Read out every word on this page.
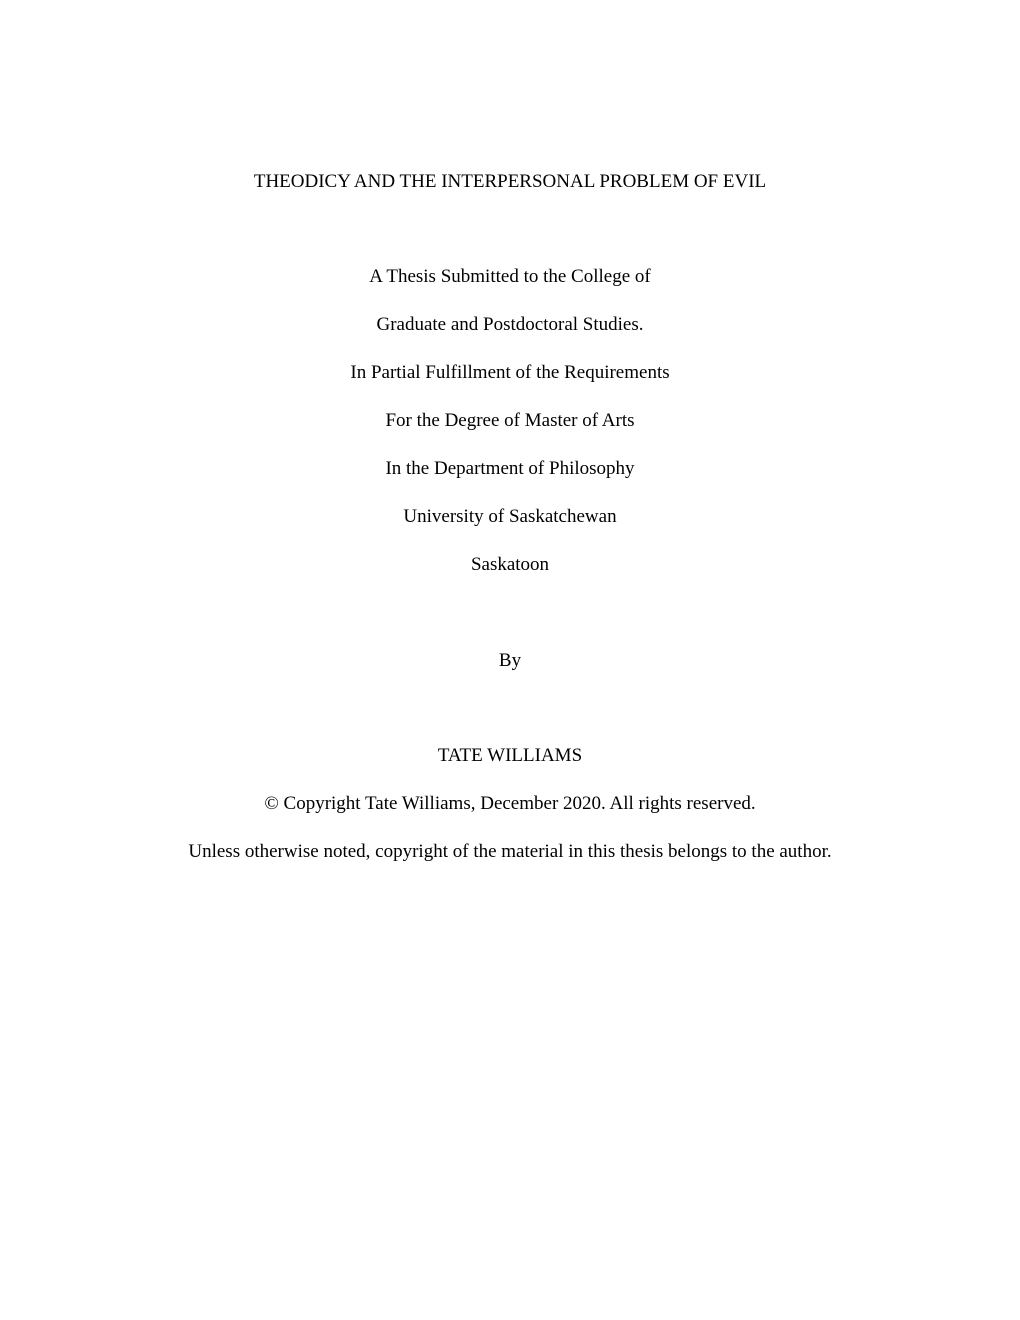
THEODICY AND THE INTERPERSONAL PROBLEM OF EVIL
A Thesis Submitted to the College of
Graduate and Postdoctoral Studies.
In Partial Fulfillment of the Requirements
For the Degree of Master of Arts
In the Department of Philosophy
University of Saskatchewan
Saskatoon
By
TATE WILLIAMS
© Copyright Tate Williams, December 2020. All rights reserved.
Unless otherwise noted, copyright of the material in this thesis belongs to the author.
